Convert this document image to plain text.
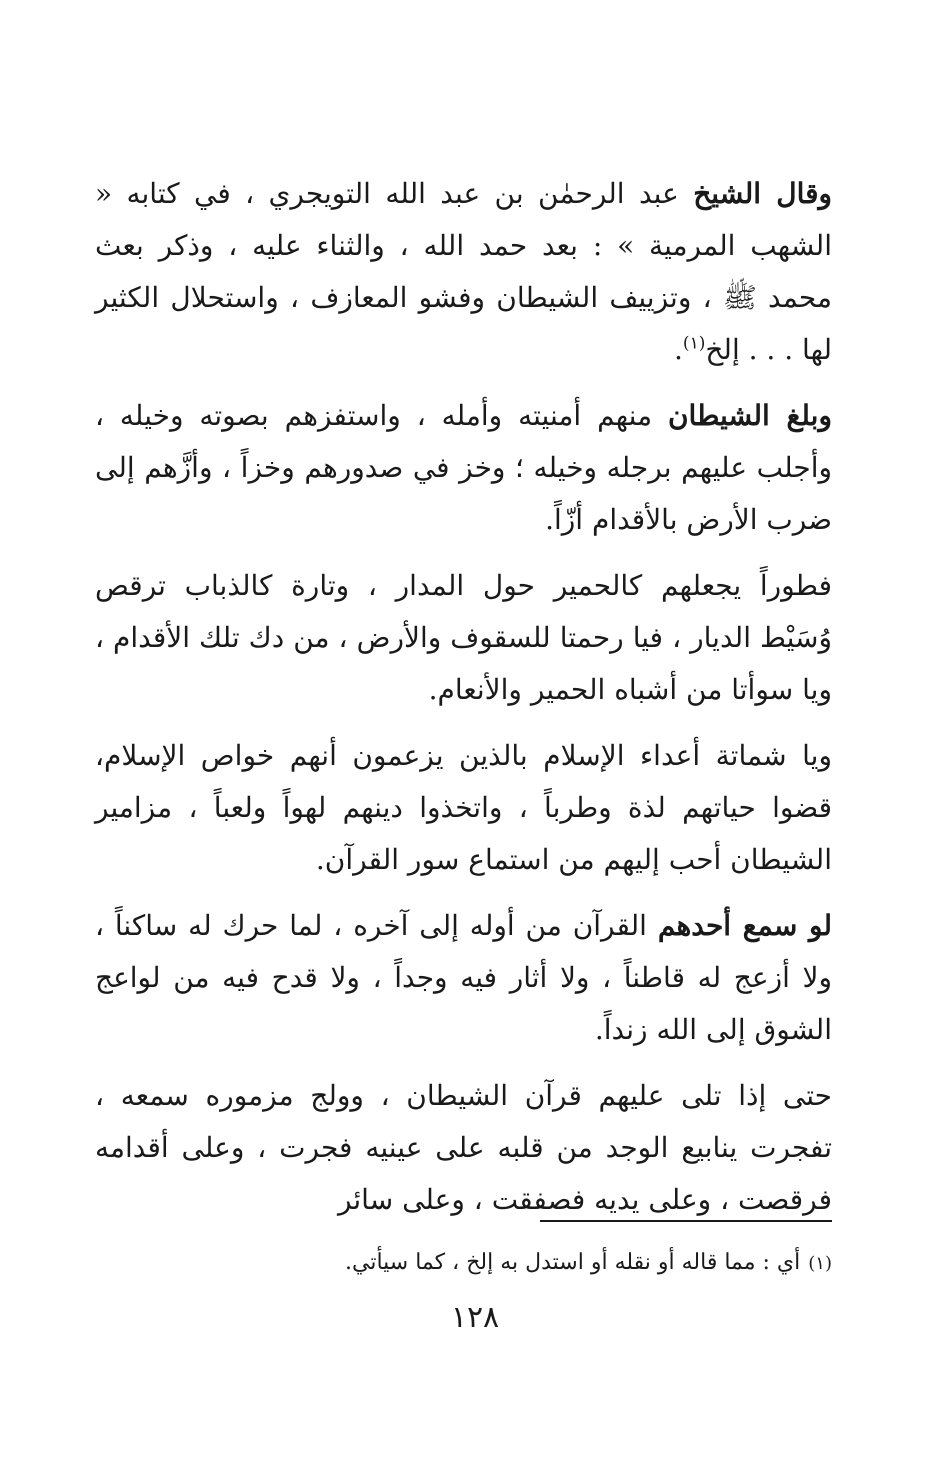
وقال الشيخ عبد الرحمٰن بن عبد الله التويجري ، في كتابه « الشهب المرمية » : بعد حمد الله ، والثناء عليه ، وذكر بعث محمد ﷺ ، وتزييف الشيطان وفشو المعازف ، واستحلال الكثير لها . . . إلخ$^{(١)}$.

وبلغ الشيطان منهم أمنيته وأمله ، واستفزهم بصوته وخيله ، وأجلب عليهم برجله وخيله ؛ وخز في صدورهم وخزاً ، وأزَّهم إلى ضرب الأرض بالأقدام أزّاً.

فطوراً يجعلهم كالحمير حول المدار ، وتارة كالذباب ترقص وُسَيْط الديار ، فيا رحمتا للسقوف والأرض ، من دك تلك الأقدام ، ويا سوأتا من أشباه الحمير والأنعام.

ويا شماتة أعداء الإسلام بالذين يزعمون أنهم خواص الإسلام، قضوا حياتهم لذة وطرباً ، واتخذوا دينهم لهواً ولعباً ، مزامير الشيطان أحب إليهم من استماع سور القرآن.

لو سمع أحدهم القرآن من أوله إلى آخره ، لما حرك له ساكناً ، ولا أزعج له قاطناً ، ولا أثار فيه وجداً ، ولا قدح فيه من لواعج الشوق إلى الله زنداً.

حتى إذا تلى عليهم قرآن الشيطان ، وولج مزموره سمعه ، تفجرت ينابيع الوجد من قلبه على عينيه فجرت ، وعلى أقدامه فرقصت ، وعلى يديه فصفقت ، وعلى سائر

(١)أي : مما قاله أو نقله أو استدل به إلخ ، كما سيأتي.
١٢٨
